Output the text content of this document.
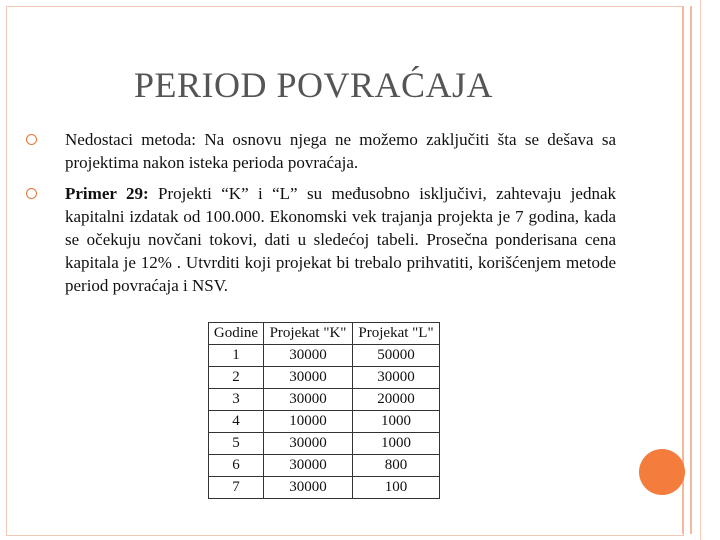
PERIOD POVRAĆAJA
Nedostaci metoda: Na osnovu njega ne možemo zaključiti šta se dešava sa projektima nakon isteka perioda povraćaja.
Primer 29: Projekti “K” i “L” su međusobno isključivi, zahtevaju jednak kapitalni izdatak od 100.000. Ekonomski vek trajanja projekta je 7 godina, kada se očekuju novčani tokovi, dati u sledećoj tabeli. Prosečna ponderisana cena kapitala je 12% . Utvrditi koji projekat bi trebalo prihvatiti, korišćenjem metode period povraćaja i NSV.
Godine	Projekat "K"	Projekat "L"
1	30000	50000
2	30000	30000
3	30000	20000
4	10000	1000
5	30000	1000
6	30000	800
7	30000	100
